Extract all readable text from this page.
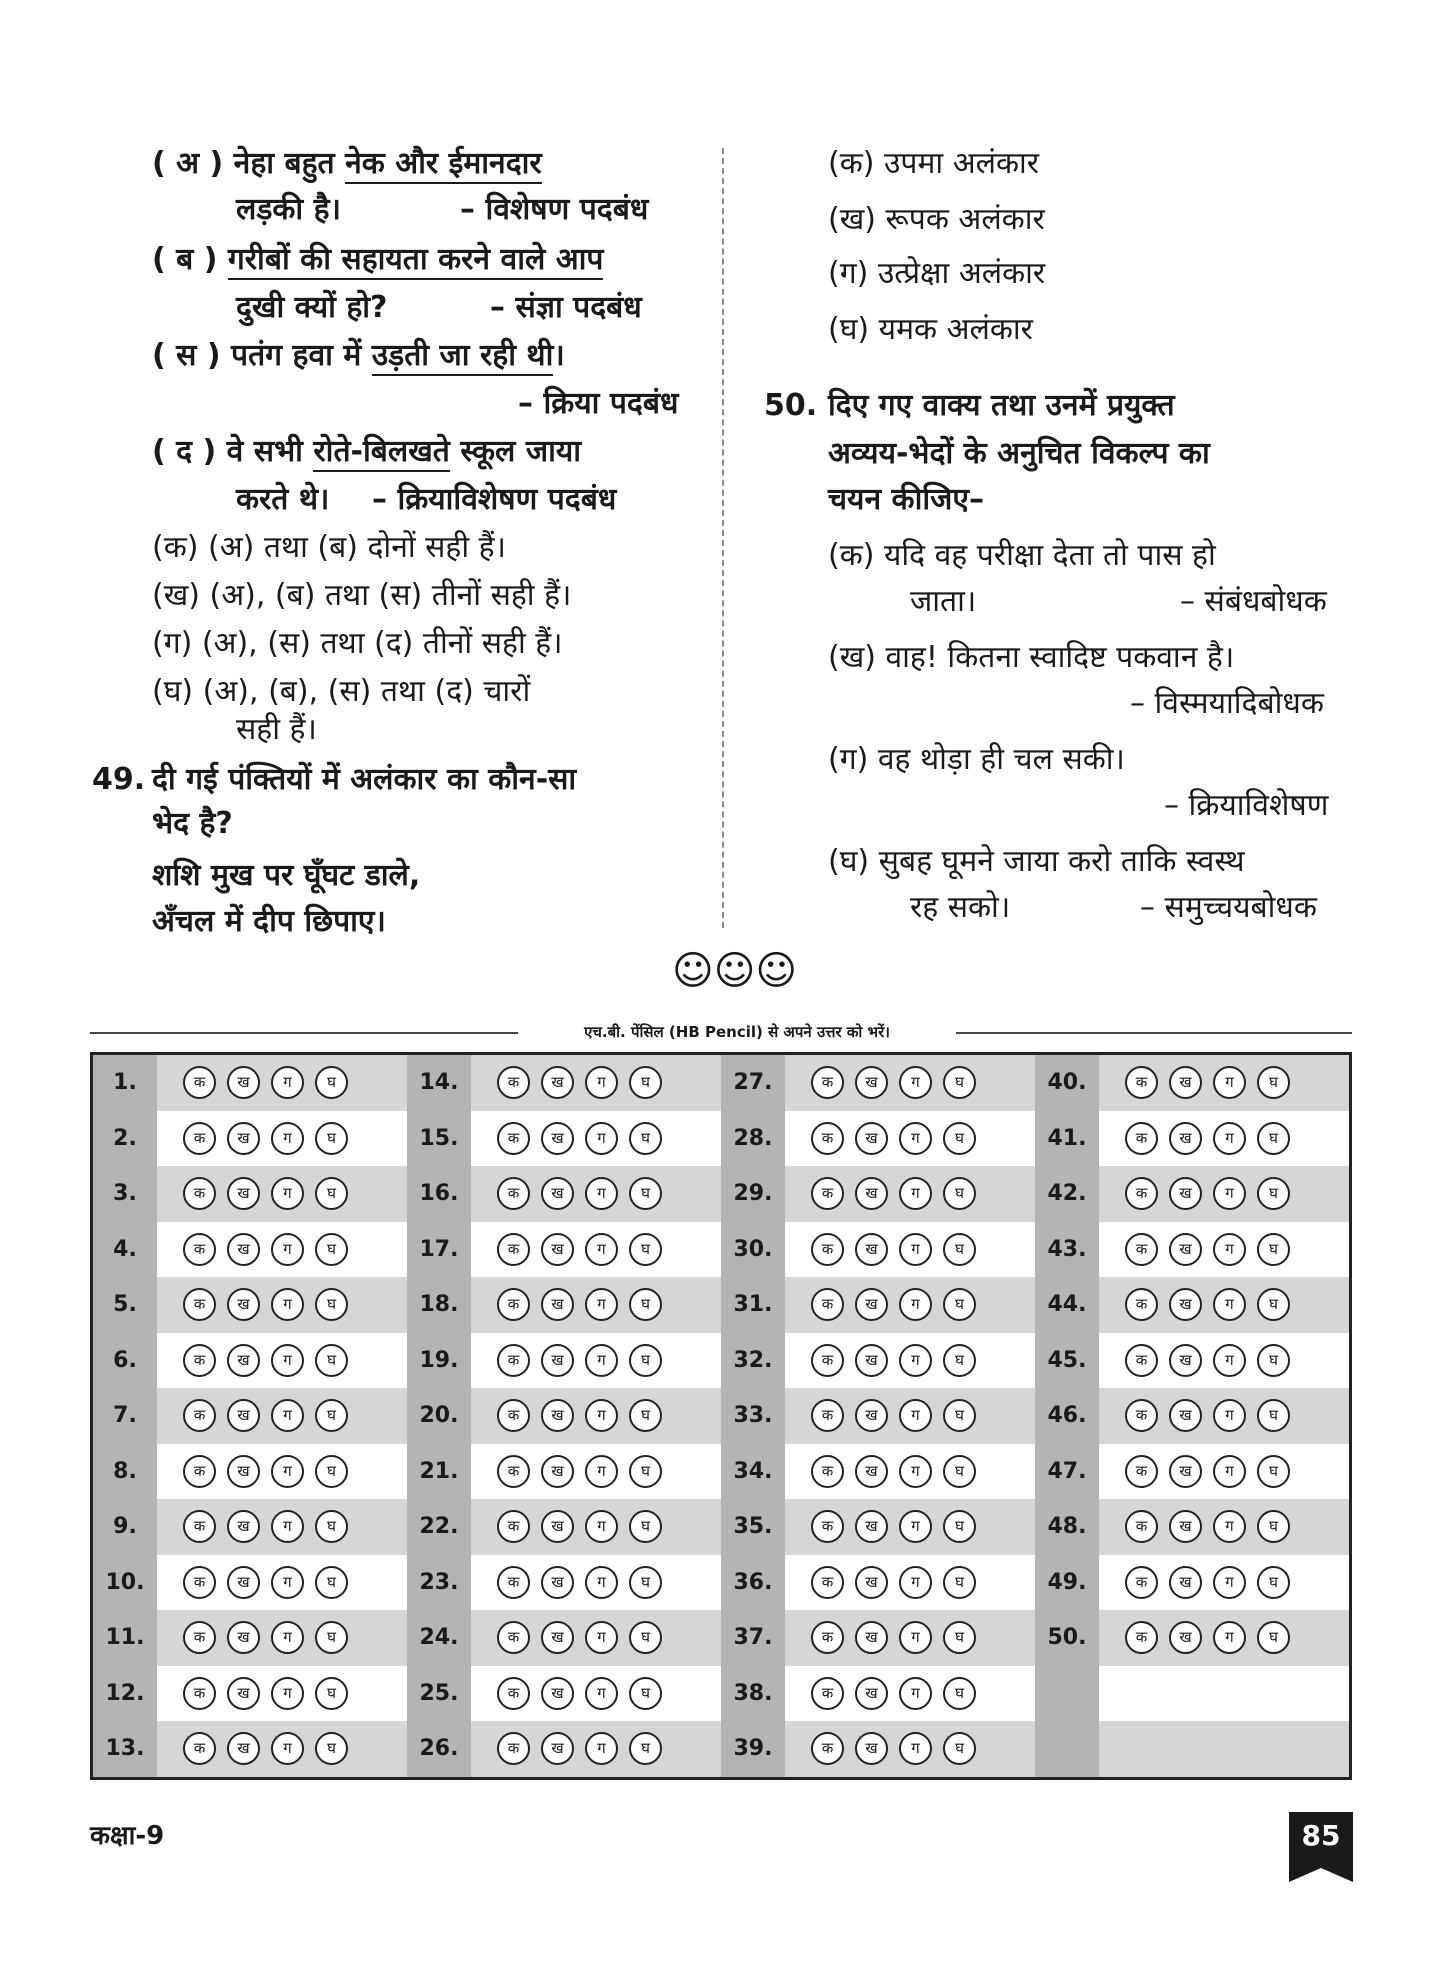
( अ ) नेहा बहुत नेक और ईमानदार
लड़की है।	– विशेषण पदबंध
( ब ) गरीबों की सहायता करने वाले आप
दुखी क्यों हो?	– संज्ञा पदबंध
( स ) पतंग हवा में उड़ती जा रही थी।
– क्रिया पदबंध
( द ) वे सभी रोते-बिलखते स्कूल जाया
करते थे। – क्रियाविशेषण पदबंध
(क) (अ) तथा (ब) दोनों सही हैं।
(ख) (अ), (ब) तथा (स) तीनों सही हैं।
(ग) (अ), (स) तथा (द) तीनों सही हैं।
(घ) (अ), (ब), (स) तथा (द) चारों
सही हैं।
49. दी गई पंक्तियों में अलंकार का कौन-सा
भेद है?
शशि मुख पर घूँघट डाले,
अँचल में दीप छिपाए।
(क) उपमा अलंकार
(ख) रूपक अलंकार
(ग) उत्प्रेक्षा अलंकार
(घ) यमक अलंकार
50. दिए गए वाक्य तथा उनमें प्रयुक्त
अव्यय-भेदों के अनुचित विकल्प का
चयन कीजिए–
(क) यदि वह परीक्षा देता तो पास हो
जाता।	– संबंधबोधक
(ख) वाह! कितना स्वादिष्ट पकवान है।
– विस्मयादिबोधक
(ग) वह थोड़ा ही चल सकी।
– क्रियाविशेषण
(घ) सुबह घूमने जाया करो ताकि स्वस्थ
रह सको।	– समुच्चयबोधक
☺☺☺
एच.बी. पेंसिल (HB Pencil) से अपने उत्तर को भरें।
1.	क	ख	ग	घ
2.	क	ख	ग	घ
3.	क	ख	ग	घ
4.	क	ख	ग	घ
5.	क	ख	ग	घ
6.	क	ख	ग	घ
7.	क	ख	ग	घ
8.	क	ख	ग	घ
9.	क	ख	ग	घ
10.	क	ख	ग	घ
11.	क	ख	ग	घ
12.	क	ख	ग	घ
13.	क	ख	ग	घ
14.	क	ख	ग	घ
15.	क	ख	ग	घ
16.	क	ख	ग	घ
17.	क	ख	ग	घ
18.	क	ख	ग	घ
19.	क	ख	ग	घ
20.	क	ख	ग	घ
21.	क	ख	ग	घ
22.	क	ख	ग	घ
23.	क	ख	ग	घ
24.	क	ख	ग	घ
25.	क	ख	ग	घ
26.	क	ख	ग	घ
27.	क	ख	ग	घ
28.	क	ख	ग	घ
29.	क	ख	ग	घ
30.	क	ख	ग	घ
31.	क	ख	ग	घ
32.	क	ख	ग	घ
33.	क	ख	ग	घ
34.	क	ख	ग	घ
35.	क	ख	ग	घ
36.	क	ख	ग	घ
37.	क	ख	ग	घ
38.	क	ख	ग	घ
39.	क	ख	ग	घ
40.	क	ख	ग	घ
41.	क	ख	ग	घ
42.	क	ख	ग	घ
43.	क	ख	ग	घ
44.	क	ख	ग	घ
45.	क	ख	ग	घ
46.	क	ख	ग	घ
47.	क	ख	ग	घ
48.	क	ख	ग	घ
49.	क	ख	ग	घ
50.	क	ख	ग	घ
कक्षा-9	85
